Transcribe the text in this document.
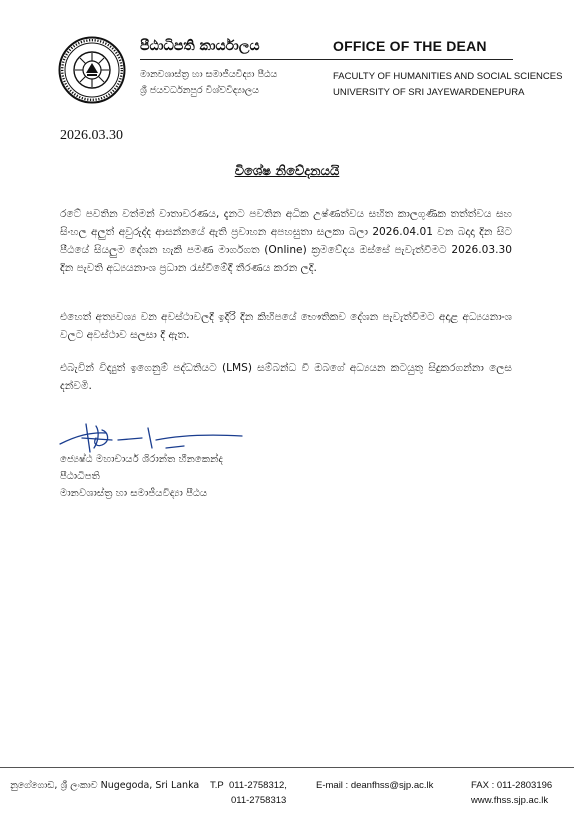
පීඨාධිපති කාර්යාලය	OFFICE OF THE DEAN
මානවශාස්ත්‍ර හා සමාජීයවිද්‍යා පීඨය
ශ්‍රී ජයවර්ධනපුර විශ්වවිද්‍යාලය
FACULTY OF HUMANITIES AND SOCIAL SCIENCES
UNIVERSITY OF SRI JAYEWARDENEPURA
2026.03.30
විශේෂ නිවේදනයයි
රටේ පවතින වත්මන් වාතාවරණය, දැනට පවතින අධික උෂ්ණත්වය සහිත කාලගුණික තත්ත්වය සහ සිංහල අලුත් අවුරුද්ද ආසන්නයේ ඇති ප්‍රවාහන අපහසුතා සලකා බලා 2026.04.01 වන බදාදා දින සිට පීඨයේ සියලුම දේශන හැකි පමණ මාර්ගගත (Online) ක්‍රමවේදය ඔස්සේ පැවැත්වීමට 2026.03.30 දින පැවති අධ්‍යයනාංශ ප්‍රධාන රැස්වීමේදී තීරණය කරන ලදි.
එහෙත් අත්‍යවශ්‍ය වන අවස්ථාවලදී ඉදිරි දින කිහිපයේ භෞතිකව දේශන පැවැත්වීමට අදාළ අධ්‍යයනාංශ වලට අවස්ථාව සලසා දී ඇත.
එබැවින් විද්‍යුත් ඉගෙනුම් පද්ධතියට (LMS) සම්බන්ධ වී ඔබගේ අධ්‍යයන කටයුතු සිදුකරගන්නා ලෙස දන්වමි.
ජ්‍යෙෂ්ඨ මහාචාර්ය ශිරාන්ත හීනකෙන්ද
පීඨාධිපති
මානවශාස්ත්‍ර හා සමාජීයවිද්‍යා පීඨය
නුගේගොඩ, ශ්‍රී ලංකාව Nugegoda, Sri Lanka T.P 011-2758312,
011-2758313
E-mail : deanfhss@sjp.ac.lk	FAX : 011-2803196
www.fhss.sjp.ac.lk
